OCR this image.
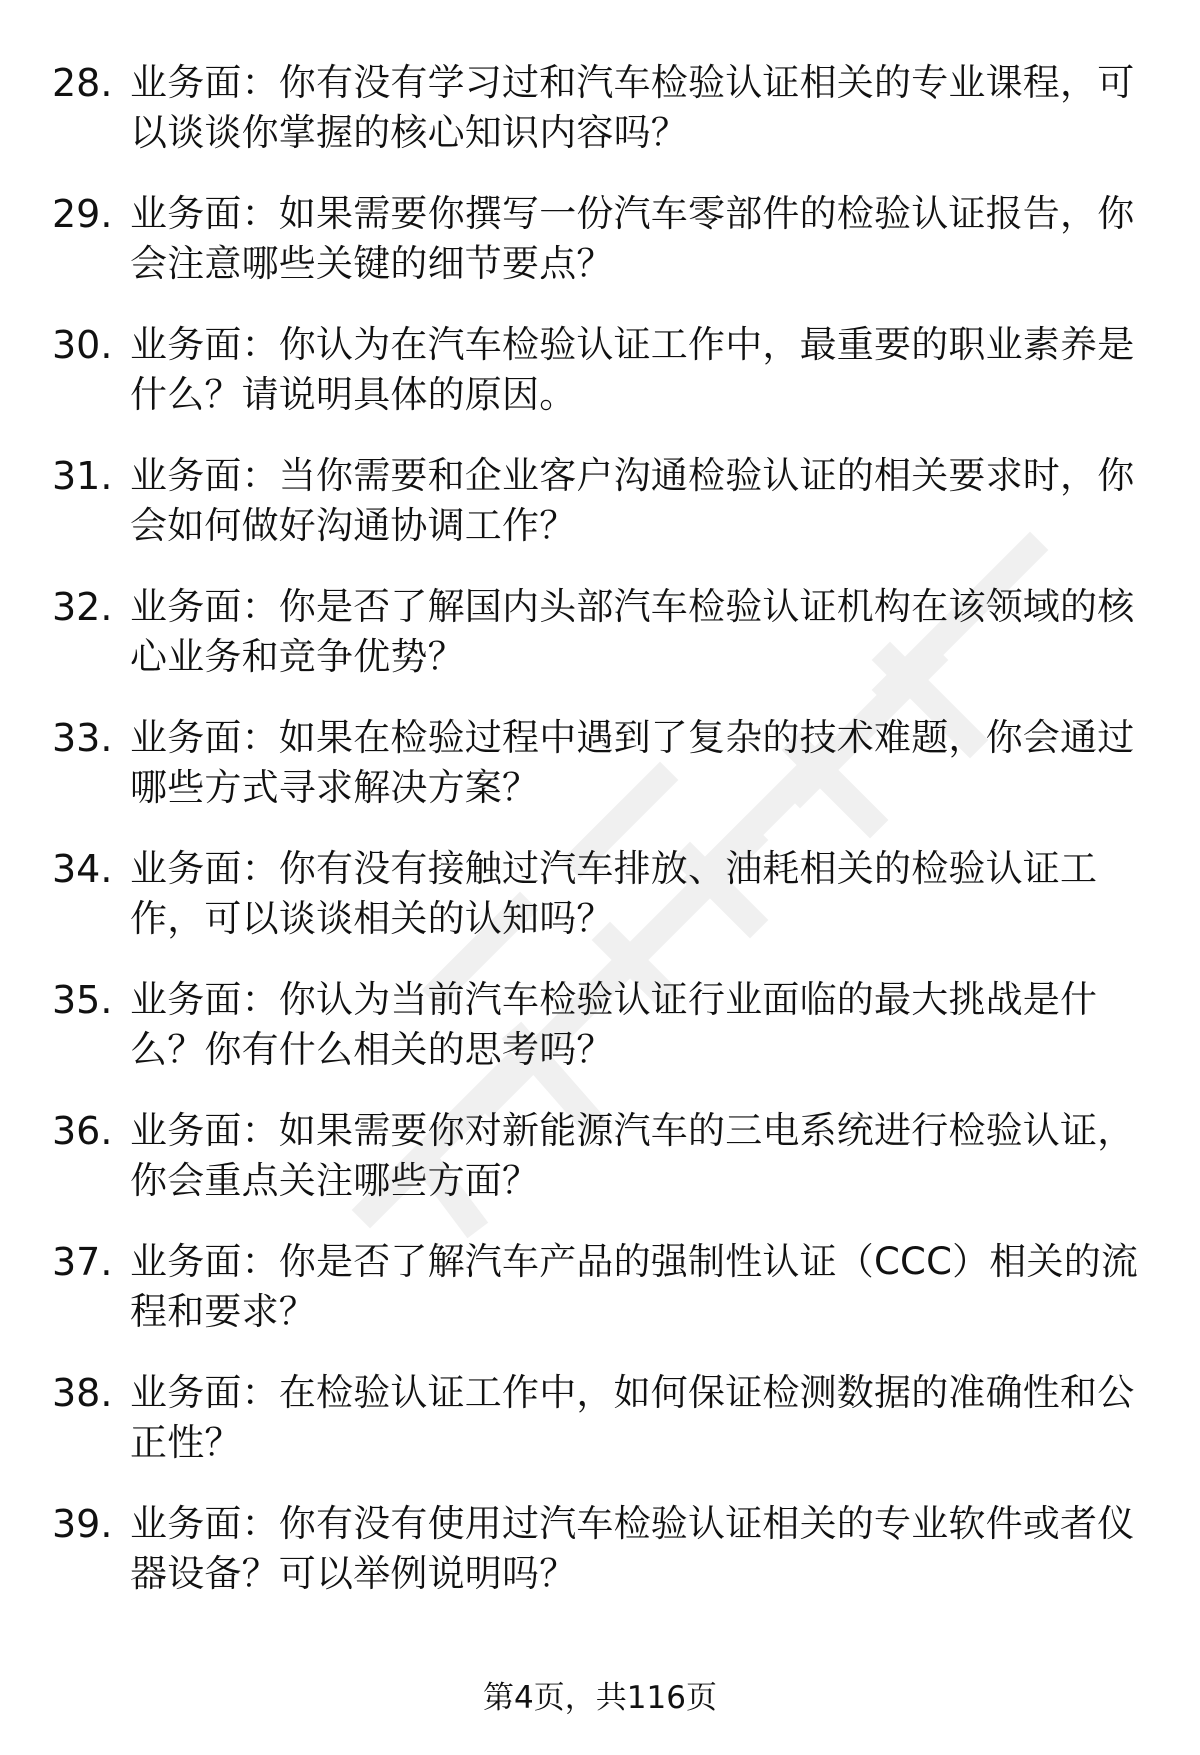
28. 业务面：你有没有学习过和汽车检验认证相关的专业课程，可以谈谈你掌握的核心知识内容吗？
29. 业务面：如果需要你撰写一份汽车零部件的检验认证报告，你会注意哪些关键的细节要点？
30. 业务面：你认为在汽车检验认证工作中，最重要的职业素养是什么？请说明具体的原因。
31. 业务面：当你需要和企业客户沟通检验认证的相关要求时，你会如何做好沟通协调工作？
32. 业务面：你是否了解国内头部汽车检验认证机构在该领域的核心业务和竞争优势？
33. 业务面：如果在检验过程中遇到了复杂的技术难题，你会通过哪些方式寻求解决方案？
34. 业务面：你有没有接触过汽车排放、油耗相关的检验认证工作，可以谈谈相关的认知吗？
35. 业务面：你认为当前汽车检验认证行业面临的最大挑战是什么？你有什么相关的思考吗？
36. 业务面：如果需要你对新能源汽车的三电系统进行检验认证，你会重点关注哪些方面？
37. 业务面：你是否了解汽车产品的强制性认证（CCC）相关的流程和要求？
38. 业务面：在检验认证工作中，如何保证检测数据的准确性和公正性？
39. 业务面：你有没有使用过汽车检验认证相关的专业软件或者仪器设备？可以举例说明吗？
第4页，共116页
